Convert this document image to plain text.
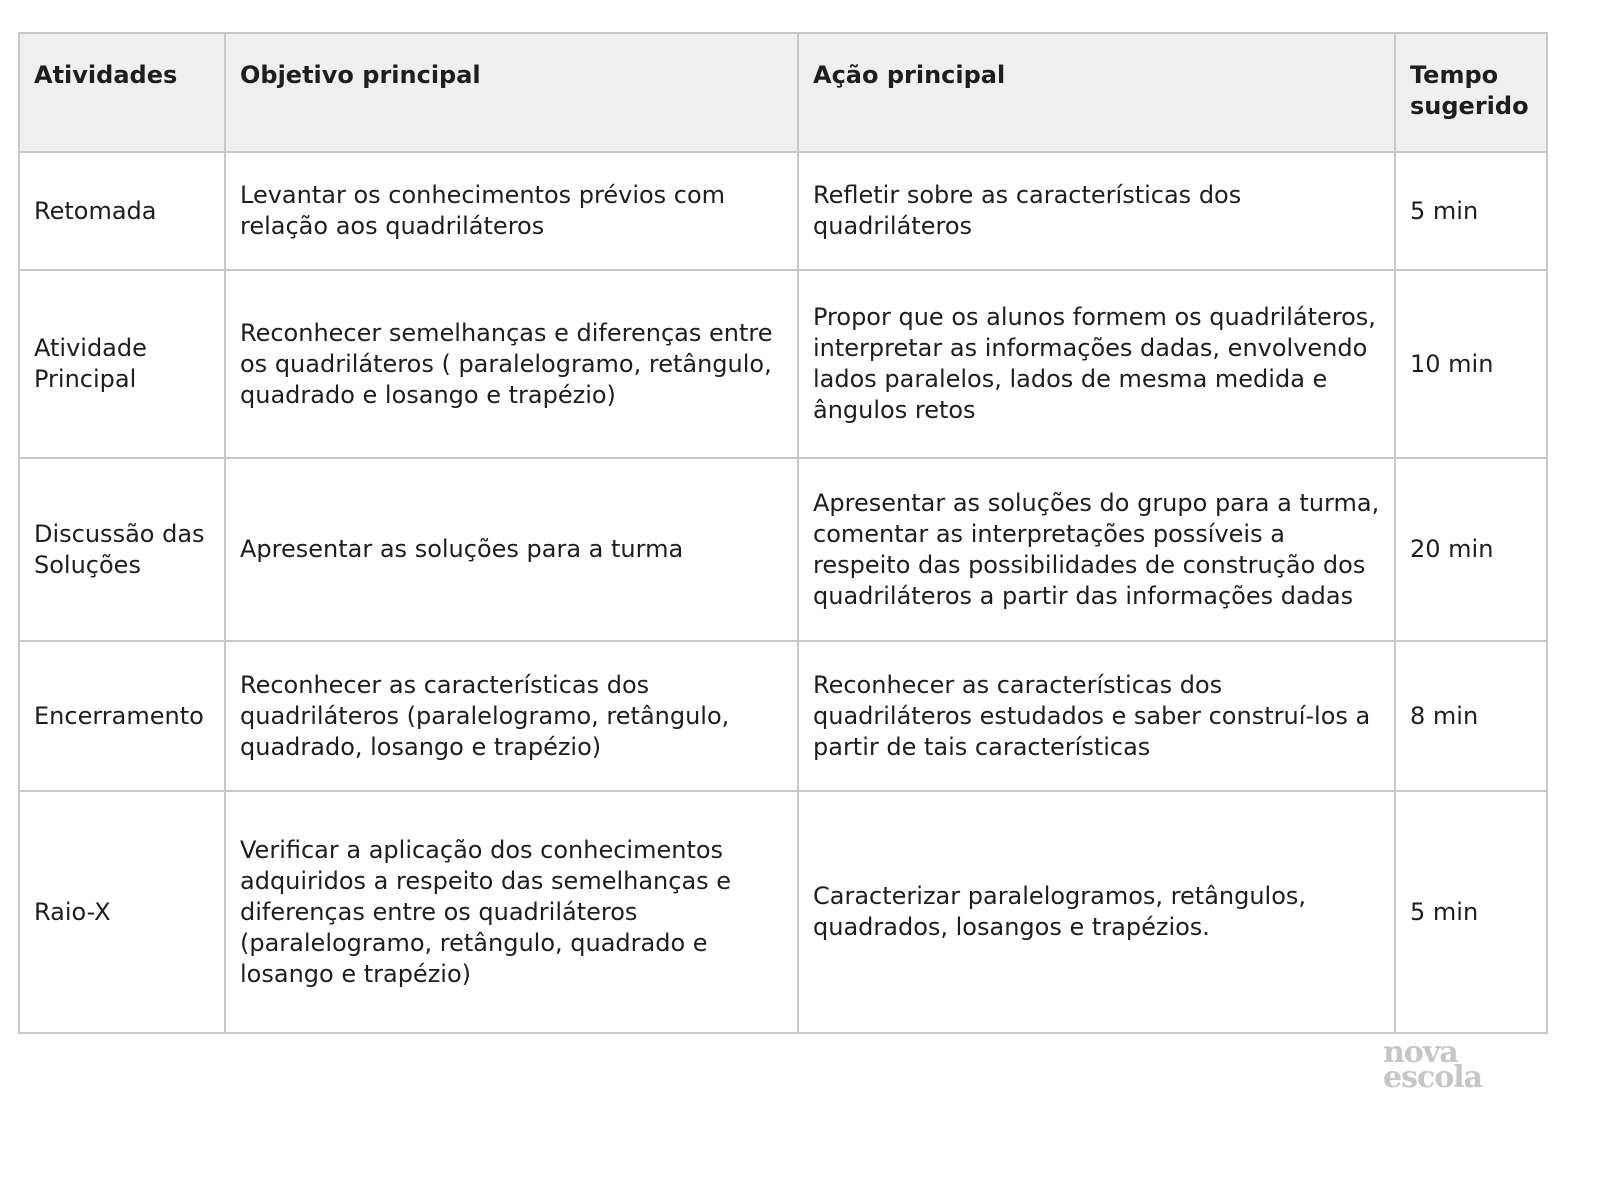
Atividades	Objetivo principal	Ação principal	Tempo sugerido
Retomada	Levantar os conhecimentos prévios com relação aos quadriláteros	Refletir sobre as características dos quadriláteros	5 min
Atividade Principal	Reconhecer semelhanças e diferenças entre os quadriláteros ( paralelogramo, retângulo, quadrado e losango e trapézio)	Propor que os alunos formem os quadriláteros, interpretar as informações dadas, envolvendo lados paralelos, lados de mesma medida e ângulos retos	10 min
Discussão das Soluções	Apresentar as soluções para a turma	Apresentar as soluções do grupo para a turma, comentar as interpretações possíveis a respeito das possibilidades de construção dos quadriláteros a partir das informações dadas	20 min
Encerramento	Reconhecer as características dos quadriláteros (paralelogramo, retângulo, quadrado, losango e trapézio)	Reconhecer as características dos quadriláteros estudados e saber construí-los a partir de tais características	8 min
Raio-X	Verificar a aplicação dos conhecimentos adquiridos a respeito das semelhanças e diferenças entre os quadriláteros (paralelogramo, retângulo, quadrado e losango e trapézio)	Caracterizar paralelogramos, retângulos, quadrados, losangos e trapézios.	5 min
nova
escola
